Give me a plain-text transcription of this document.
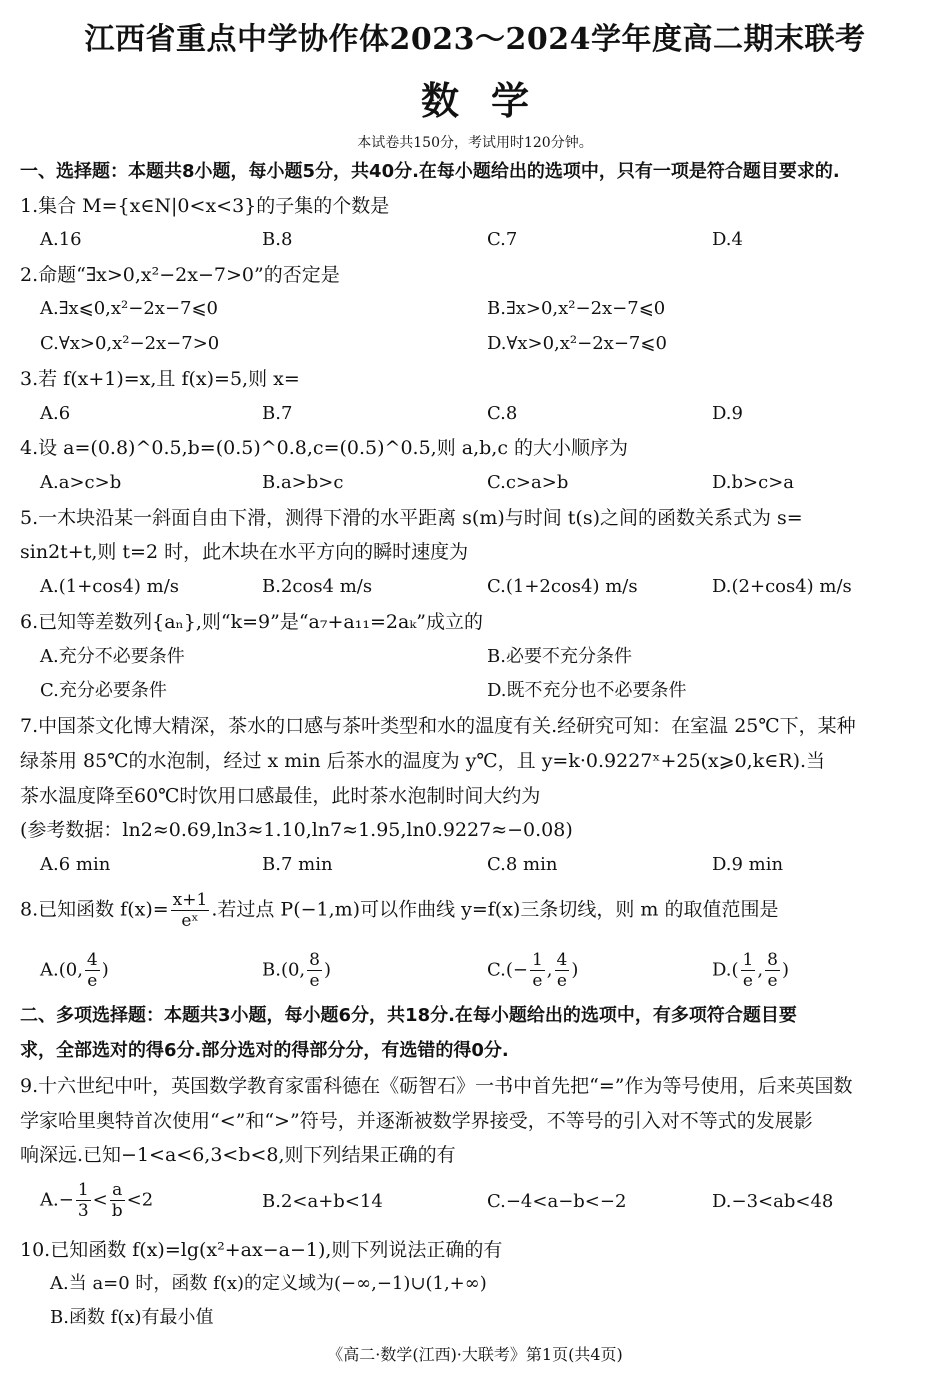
江西省重点中学协作体2023～2024学年度高二期末联考
数学
本试卷共150分，考试用时120分钟。
一、选择题：本题共8小题，每小题5分，共40分.在每小题给出的选项中，只有一项是符合题目要求的.
1.集合 M={x∈N|0<x<3}的子集的个数是
A.16	B.8	C.7	D.4
2.命题“∃x>0,x²−2x−7>0”的否定是
A.∃x⩽0,x²−2x−7⩽0	B.∃x>0,x²−2x−7⩽0
C.∀x>0,x²−2x−7>0	D.∀x>0,x²−2x−7⩽0
3.若 f(x+1)=x,且 f(x)=5,则 x=
A.6	B.7	C.8	D.9
4.设 a=(0.8)^0.5,b=(0.5)^0.8,c=(0.5)^0.5,则 a,b,c 的大小顺序为
A.a>c>b	B.a>b>c	C.c>a>b	D.b>c>a
5.一木块沿某一斜面自由下滑，测得下滑的水平距离 s(m)与时间 t(s)之间的函数关系式为 s=
sin2t+t,则 t=2 时，此木块在水平方向的瞬时速度为
A.(1+cos4) m/s	B.2cos4 m/s	C.(1+2cos4) m/s	D.(2+cos4) m/s
6.已知等差数列{aₙ},则“k=9”是“a₇+a₁₁=2aₖ”成立的
A.充分不必要条件	B.必要不充分条件
C.充分必要条件	D.既不充分也不必要条件
7.中国茶文化博大精深，茶水的口感与茶叶类型和水的温度有关.经研究可知：在室温 25℃下，某种
绿茶用 85℃的水泡制，经过 x min 后茶水的温度为 y℃，且 y=k·0.9227ˣ+25(x⩾0,k∈R).当
茶水温度降至60℃时饮用口感最佳，此时茶水泡制时间大约为
(参考数据：ln2≈0.69,ln3≈1.10,ln7≈1.95,ln0.9227≈−0.08)
A.6 min	B.7 min	C.8 min	D.9 min
8.已知函数 $f(x)= \frac{x+1}{\text{eˣ}}$ .若过点 P(−1,m)可以作曲线 y=f(x)三条切线，则 m 的取值范围是
A.(0, $\frac{4}{e}$ )	B.(0, $\frac{8}{e}$ )	$C.(- \frac{1}{e}$ , $\frac{4}{e}$ )	$D.( \frac{1}{e}$ , $\frac{8}{e}$ )
二、多项选择题：本题共3小题，每小题6分，共18分.在每小题给出的选项中，有多项符合题目要
求，全部选对的得6分.部分选对的得部分分，有选错的得0分.
9.十六世纪中叶，英国数学教育家雷科德在《砺智石》一书中首先把“=”作为等号使用，后来英国数
学家哈里奥特首次使用“<”和“>”符号，并逐渐被数学界接受，不等号的引入对不等式的发展影
响深远.已知−1<a<6,3<b<8,则下列结果正确的有
$A.- \frac{1}{3} < \frac{a}{b} <2$	B.2<a+b<14	C.−4<a−b<−2	D.−3<ab<48
10.已知函数 f(x)=lg(x²+ax−a−1),则下列说法正确的有
A.当 a=0 时，函数 f(x)的定义域为(−∞,−1)∪(1,+∞)
B.函数 f(x)有最小值
《高二·数学(江西)·大联考》第1页(共4页)
